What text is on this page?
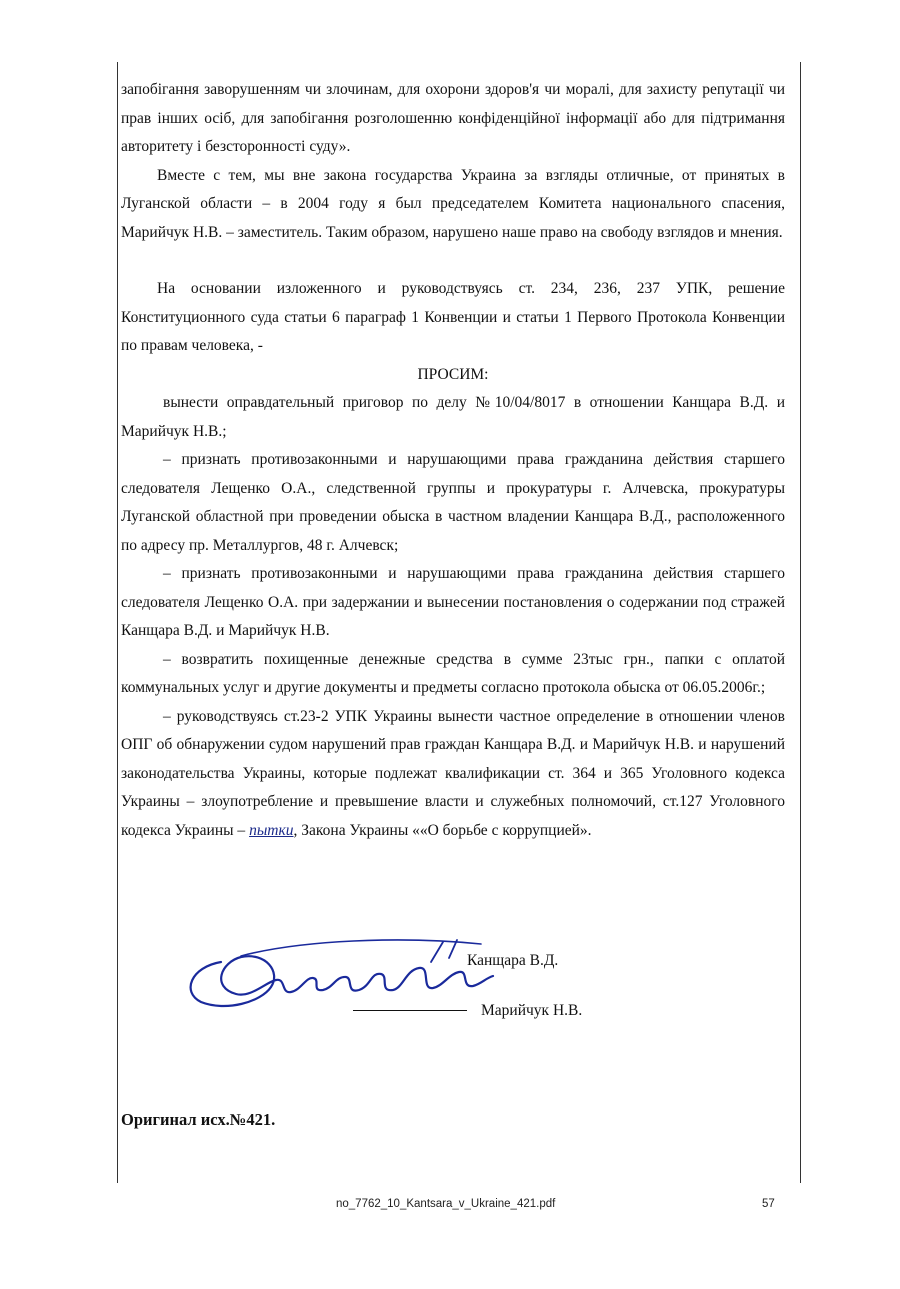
запобігання заворушенням чи злочинам, для охорони здоров'я чи моралі, для захисту репутації чи прав інших осіб, для запобігання розголошенню конфіденційної інформації або для підтримання авторитету і безсторонності суду».

Вместе с тем, мы вне закона государства Украина за взгляды отличные, от принятых в Луганской области – в 2004 году я был председателем Комитета национального спасения, Марийчук Н.В. – заместитель. Таким образом, нарушено наше право на свободу взглядов и мнения.

На основании изложенного и руководствуясь ст. 234, 236, 237 УПК, решение Конституционного суда статьи 6 параграф 1 Конвенции и статьи 1 Первого Протокола Конвенции по правам человека, -

ПРОСИМ:

вынести оправдательный приговор по делу №10/04/8017 в отношении Канщара В.Д. и Марийчук Н.В.;

– признать противозаконными и нарушающими права гражданина действия старшего следователя Лещенко О.А., следственной группы и прокуратуры г. Алчевска, прокуратуры Луганской областной при проведении обыска в частном владении Канщара В.Д., расположенного по адресу пр. Металлургов, 48 г. Алчевск;

– признать противозаконными и нарушающими права гражданина действия старшего следователя Лещенко О.А. при задержании и вынесении постановления о содержании под стражей Канщара В.Д. и Марийчук Н.В.

– возвратить похищенные денежные средства в сумме 23тыс грн., папки с оплатой коммунальных услуг и другие документы и предметы согласно протокола обыска от 06.05.2006г.;

– руководствуясь ст.23-2 УПК Украины вынести частное определение в отношении членов ОПГ об обнаружении судом нарушений прав граждан Канщара В.Д. и Марийчук Н.В. и нарушений законодательства Украины, которые подлежат квалификации ст. 364 и 365 Уголовного кодекса Украины – злоупотребление и превышение власти и служебных полномочий, ст.127 Уголовного кодекса Украины – пытки, Закона Украины ««О борьбе с коррупцией».

Канщара В.Д.
Марийчук Н.В.
Оригинал исх.№421.
no_7762_10_Kantsara_v_Ukraine_421.pdf	57
